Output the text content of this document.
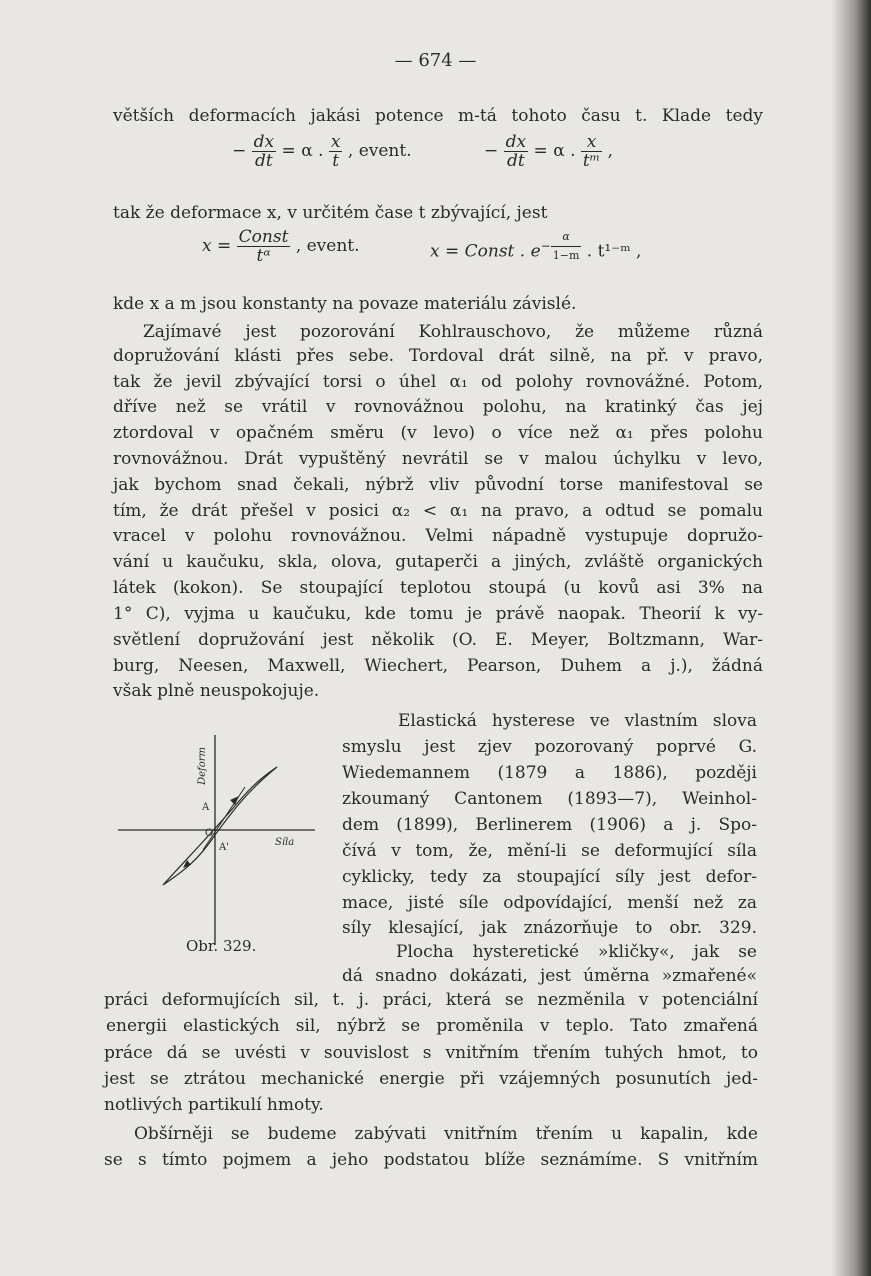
— 674 —
větších deformacích jakási potence m-tá tohoto času t. Klade tedy
− $\frac{dx}{dt} = \alpha$ . $\frac{x}{t}$ , event.	− $\frac{dx}{dt} = \alpha$ . $\frac{x}{\text{tᵐ}}$ ,
tak že deformace x, v určitém čase t zbývající, jest
$x = \frac{\text{Const}}{\text{tᵅ}}$ , event.	x = Const . $e^{- \frac{\alpha}{1-m}}$ . t¹⁻ᵐ ,
kde x a m jsou konstanty na povaze materiálu závislé.
Zajímavé jest pozorování Kohlrauschovo, že můžeme různá
dopružování klásti přes sebe. Tordoval drát silně, na př. v pravo,
tak že jevil zbývající torsi o úhel α₁ od polohy rovnovážné. Potom,
dříve než se vrátil v rovnovážnou polohu, na kratinký čas jej
ztordoval v opačném směru (v levo) o více než α₁ přes polohu
rovnovážnou. Drát vypuštěný nevrátil se v malou úchylku v levo,
jak bychom snad čekali, nýbrž vliv původní torse manifestoval se
tím, že drát přešel v posici α₂ < α₁ na pravo, a odtud se pomalu
vracel v polohu rovnovážnou. Velmi nápadně vystupuje dopružo-
vání u kaučuku, skla, olova, gutaperči a jiných, zvláště organických
látek (kokon). Se stoupající teplotou stoupá (u kovů asi 3% na
1° C), vyjma u kaučuku, kde tomu je právě naopak. Theorií k vy-
světlení dopružování jest několik (O. E. Meyer, Boltzmann, War-
burg, Neesen, Maxwell, Wiechert, Pearson, Duhem a j.), žádná
však plně neuspokojuje.
Deform
A
O
A'	Síla
Obr. 329.
Elastická hysterese ve vlastním slova
smyslu jest zjev pozorovaný poprvé G.
Wiedemannem (1879 a 1886), později
zkoumaný Cantonem (1893—7), Weinhol-
dem (1899), Berlinerem (1906) a j. Spo-
čívá v tom, že, mění-li se deformující síla
cyklicky, tedy za stoupající síly jest defor-
mace, jisté síle odpovídající, menší než za
síly klesající, jak znázorňuje to obr. 329.
Plocha hysteretické »kličky«, jak se
dá snadno dokázati, jest úměrna »zmařené«
práci deformujících sil, t. j. práci, která se nezměnila v potenciální
energii elastických sil, nýbrž se proměnila v teplo. Tato zmařená
práce dá se uvésti v souvislost s vnitřním třením tuhých hmot, to
jest se ztrátou mechanické energie při vzájemných posunutích jed-
notlivých partikulí hmoty.
Obšírněji se budeme zabývati vnitřním třením u kapalin, kde
se s tímto pojmem a jeho podstatou blíže seznámíme. S vnitřním
